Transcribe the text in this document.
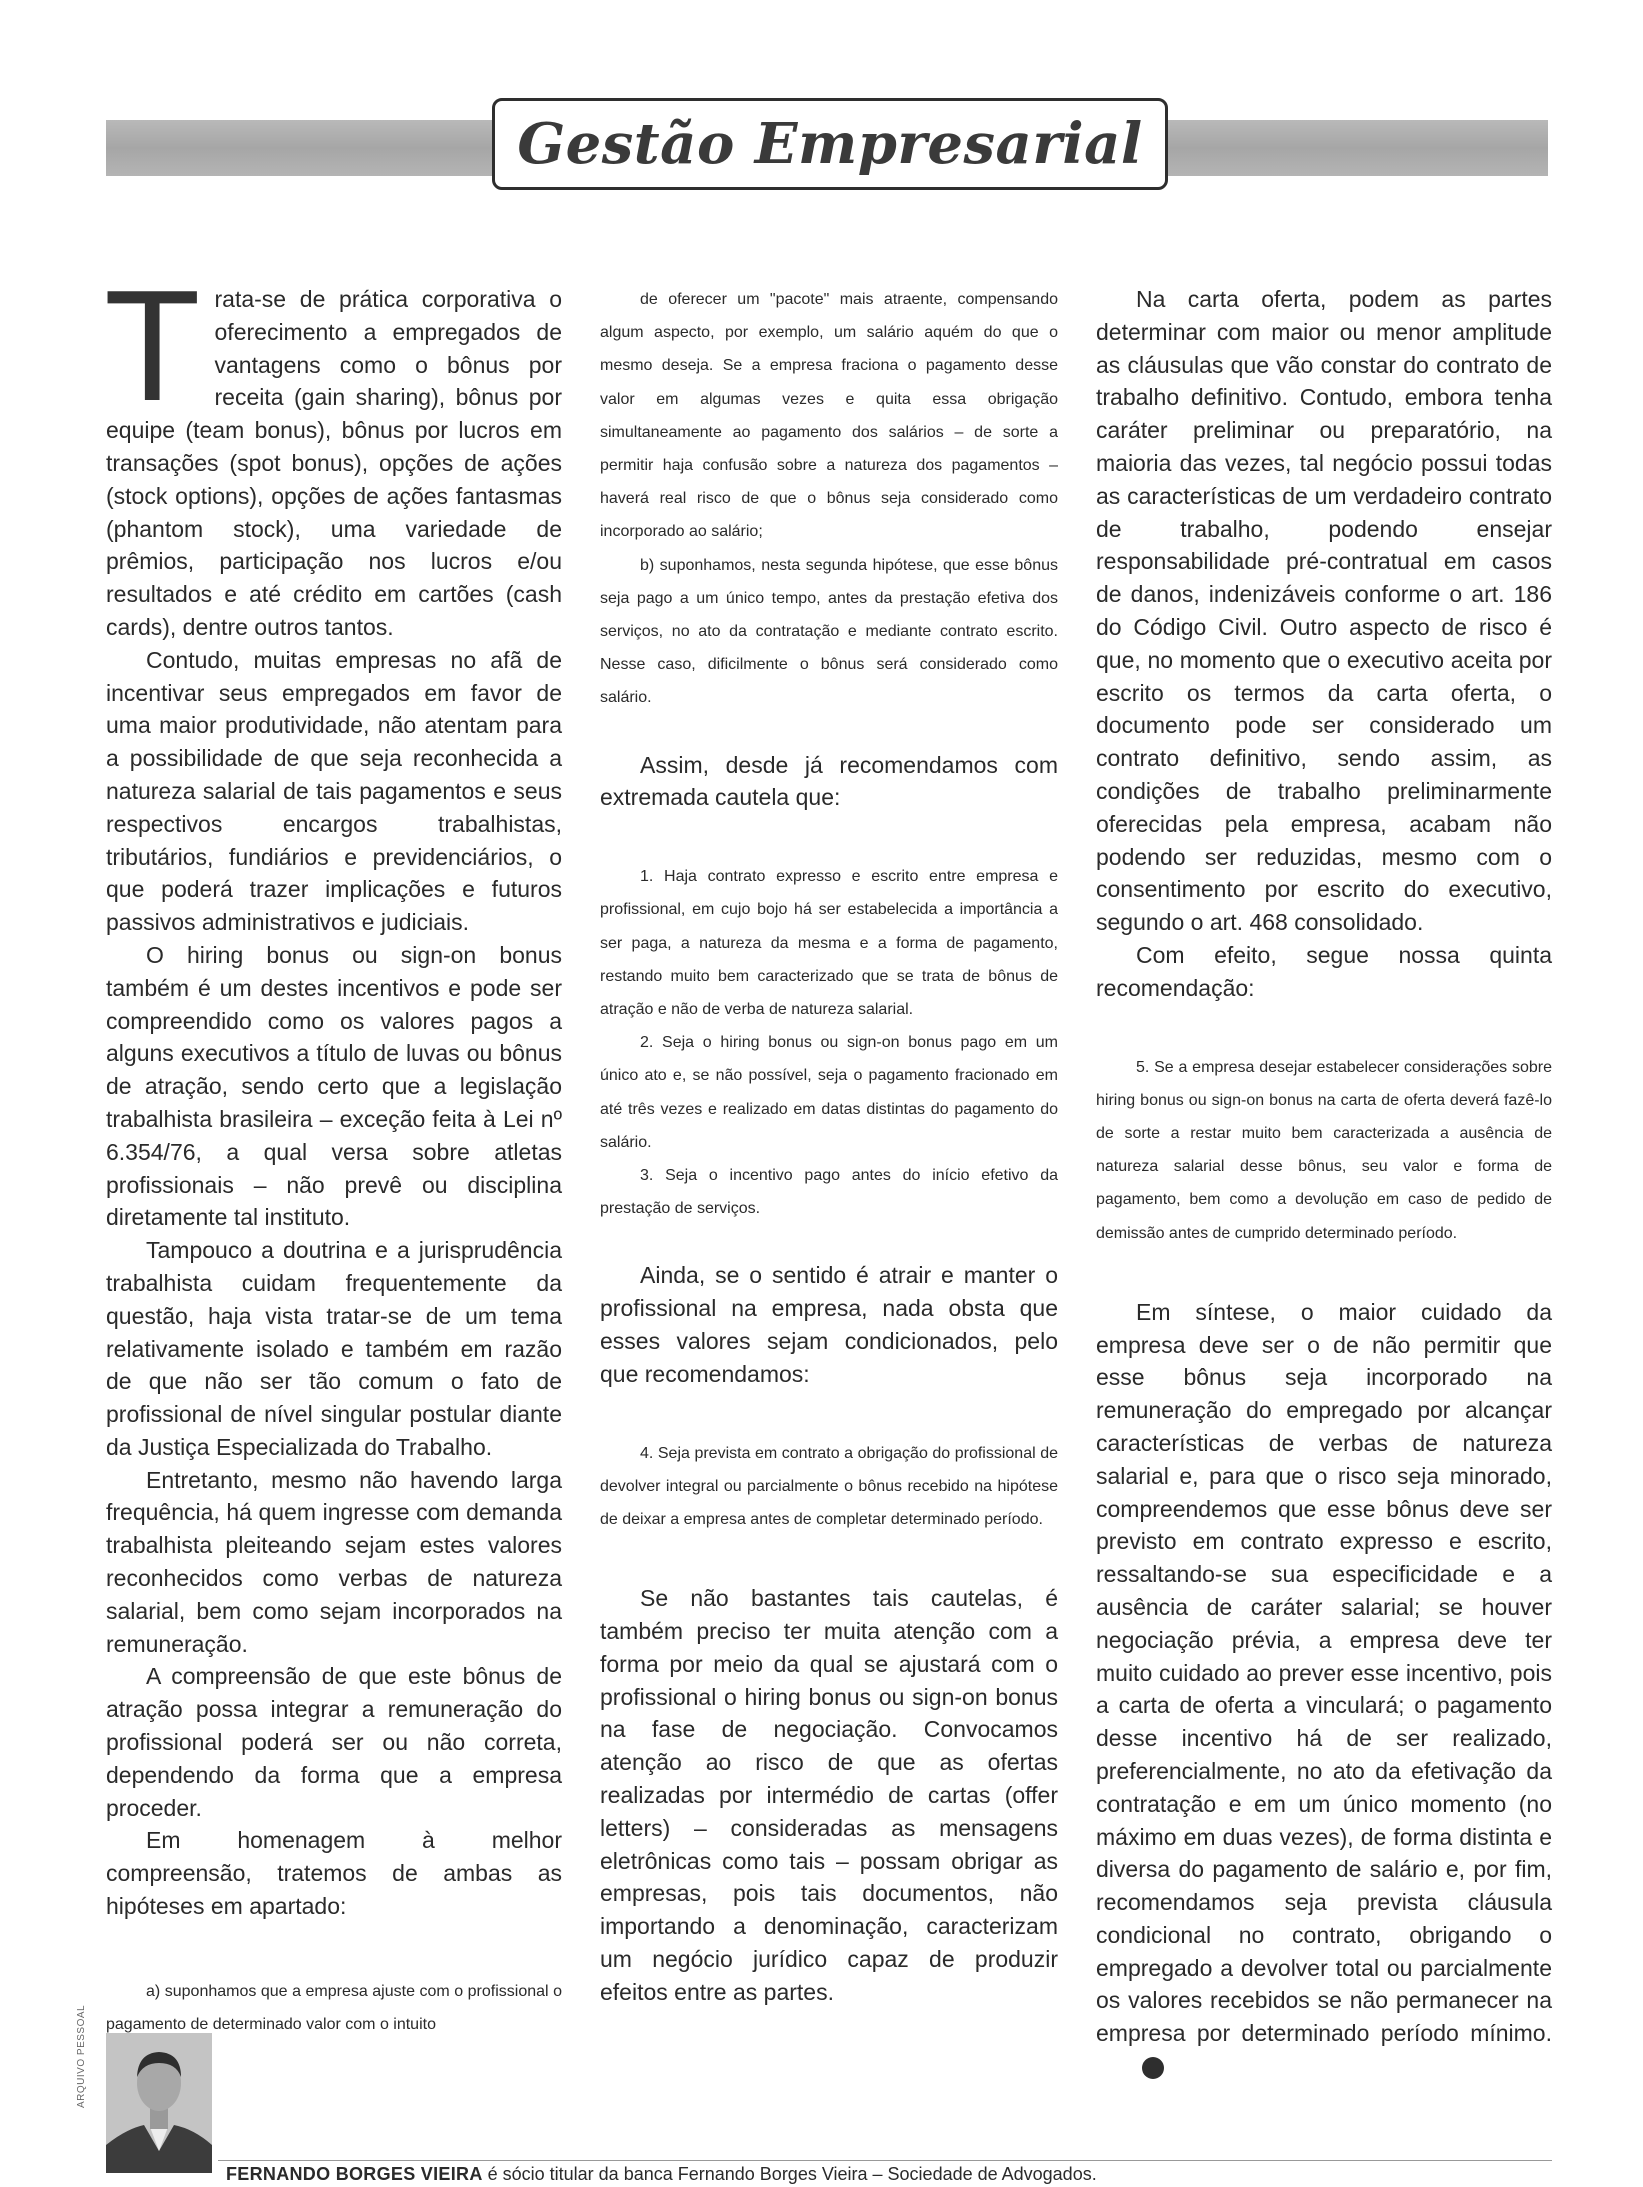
Gestão Empresarial
T rata-se de prática corporativa o oferecimento a empregados de vantagens como o bônus por receita (gain sharing), bônus por equipe (team bonus), bônus por lucros em transações (spot bonus), opções de ações (stock options), opções de ações fantasmas (phantom stock), uma variedade de prêmios, participação nos lucros e/ou resultados e até crédito em cartões (cash cards), dentre outros tantos.

Contudo, muitas empresas no afã de incentivar seus empregados em favor de uma maior produtividade, não atentam para a possibilidade de que seja reconhecida a natureza salarial de tais pagamentos e seus respectivos encargos trabalhistas, tributários, fundiários e previdenciários, o que poderá trazer implicações e futuros passivos administrativos e judiciais.

O hiring bonus ou sign-on bonus também é um destes incentivos e pode ser compreendido como os valores pagos a alguns executivos a título de luvas ou bônus de atração, sendo certo que a legislação trabalhista brasileira – exceção feita à Lei nº 6.354/76, a qual versa sobre atletas profissionais – não prevê ou disciplina diretamente tal instituto.

Tampouco a doutrina e a jurisprudência trabalhista cuidam frequentemente da questão, haja vista tratar-se de um tema relativamente isolado e também em razão de que não ser tão comum o fato de profissional de nível singular postular diante da Justiça Especializada do Trabalho.

Entretanto, mesmo não havendo larga frequência, há quem ingresse com demanda trabalhista pleiteando sejam estes valores reconhecidos como verbas de natureza salarial, bem como sejam incorporados na remuneração.

A compreensão de que este bônus de atração possa integrar a remuneração do profissional poderá ser ou não correta, dependendo da forma que a empresa proceder.

Em homenagem à melhor compreensão, tratemos de ambas as hipóteses em apartado:

a) suponhamos que a empresa ajuste com o profissional o pagamento de determinado valor com o intuito

de oferecer um "pacote" mais atraente, compensando algum aspecto, por exemplo, um salário aquém do que o mesmo deseja. Se a empresa fraciona o pagamento desse valor em algumas vezes e quita essa obrigação simultaneamente ao pagamento dos salários – de sorte a permitir haja confusão sobre a natureza dos pagamentos – haverá real risco de que o bônus seja considerado como incorporado ao salário;

b) suponhamos, nesta segunda hipótese, que esse bônus seja pago a um único tempo, antes da prestação efetiva dos serviços, no ato da contratação e mediante contrato escrito. Nesse caso, dificilmente o bônus será considerado como salário.

Assim, desde já recomendamos com extremada cautela que:

1. Haja contrato expresso e escrito entre empresa e profissional, em cujo bojo há ser estabelecida a importância a ser paga, a natureza da mesma e a forma de pagamento, restando muito bem caracterizado que se trata de bônus de atração e não de verba de natureza salarial.

2. Seja o hiring bonus ou sign-on bonus pago em um único ato e, se não possível, seja o pagamento fracionado em até três vezes e realizado em datas distintas do pagamento do salário.

3. Seja o incentivo pago antes do início efetivo da prestação de serviços.

Ainda, se o sentido é atrair e manter o profissional na empresa, nada obsta que esses valores sejam condicionados, pelo que recomendamos:

4. Seja prevista em contrato a obrigação do profissional de devolver integral ou parcialmente o bônus recebido na hipótese de deixar a empresa antes de completar determinado período.

Se não bastantes tais cautelas, é também preciso ter muita atenção com a forma por meio da qual se ajustará com o profissional o hiring bonus ou sign-on bonus na fase de negociação. Convocamos atenção ao risco de que as ofertas realizadas por intermédio de cartas (offer letters) – consideradas as mensagens eletrônicas como tais – possam obrigar as empresas, pois tais documentos, não importando a denominação, caracterizam um negócio jurídico capaz de produzir efeitos entre as partes.

Na carta oferta, podem as partes determinar com maior ou menor amplitude as cláusulas que vão constar do contrato de trabalho definitivo. Contudo, embora tenha caráter preliminar ou preparatório, na maioria das vezes, tal negócio possui todas as características de um verdadeiro contrato de trabalho, podendo ensejar responsabilidade pré-contratual em casos de danos, indenizáveis conforme o art. 186 do Código Civil. Outro aspecto de risco é que, no momento que o executivo aceita por escrito os termos da carta oferta, o documento pode ser considerado um contrato definitivo, sendo assim, as condições de trabalho preliminarmente oferecidas pela empresa, acabam não podendo ser reduzidas, mesmo com o consentimento por escrito do executivo, segundo o art. 468 consolidado.

Com efeito, segue nossa quinta recomendação:

5. Se a empresa desejar estabelecer considerações sobre hiring bonus ou sign-on bonus na carta de oferta deverá fazê-lo de sorte a restar muito bem caracterizada a ausência de natureza salarial desse bônus, seu valor e forma de pagamento, bem como a devolução em caso de pedido de demissão antes de cumprido determinado período.

Em síntese, o maior cuidado da empresa deve ser o de não permitir que esse bônus seja incorporado na remuneração do empregado por alcançar características de verbas de natureza salarial e, para que o risco seja minorado, compreendemos que esse bônus deve ser previsto em contrato expresso e escrito, ressaltando-se sua especificidade e a ausência de caráter salarial; se houver negociação prévia, a empresa deve ter muito cuidado ao prever esse incentivo, pois a carta de oferta a vinculará; o pagamento desse incentivo há de ser realizado, preferencialmente, no ato da efetivação da contratação e em um único momento (no máximo em duas vezes), de forma distinta e diversa do pagamento de salário e, por fim, recomendamos seja prevista cláusula condicional no contrato, obrigando o empregado a devolver total ou parcialmente os valores recebidos se não permanecer na empresa por determinado período mínimo.m

ARQUIVO PESSOAL
FERNANDO BORGES VIEIRA é sócio titular da banca Fernando Borges Vieira – Sociedade de Advogados.
